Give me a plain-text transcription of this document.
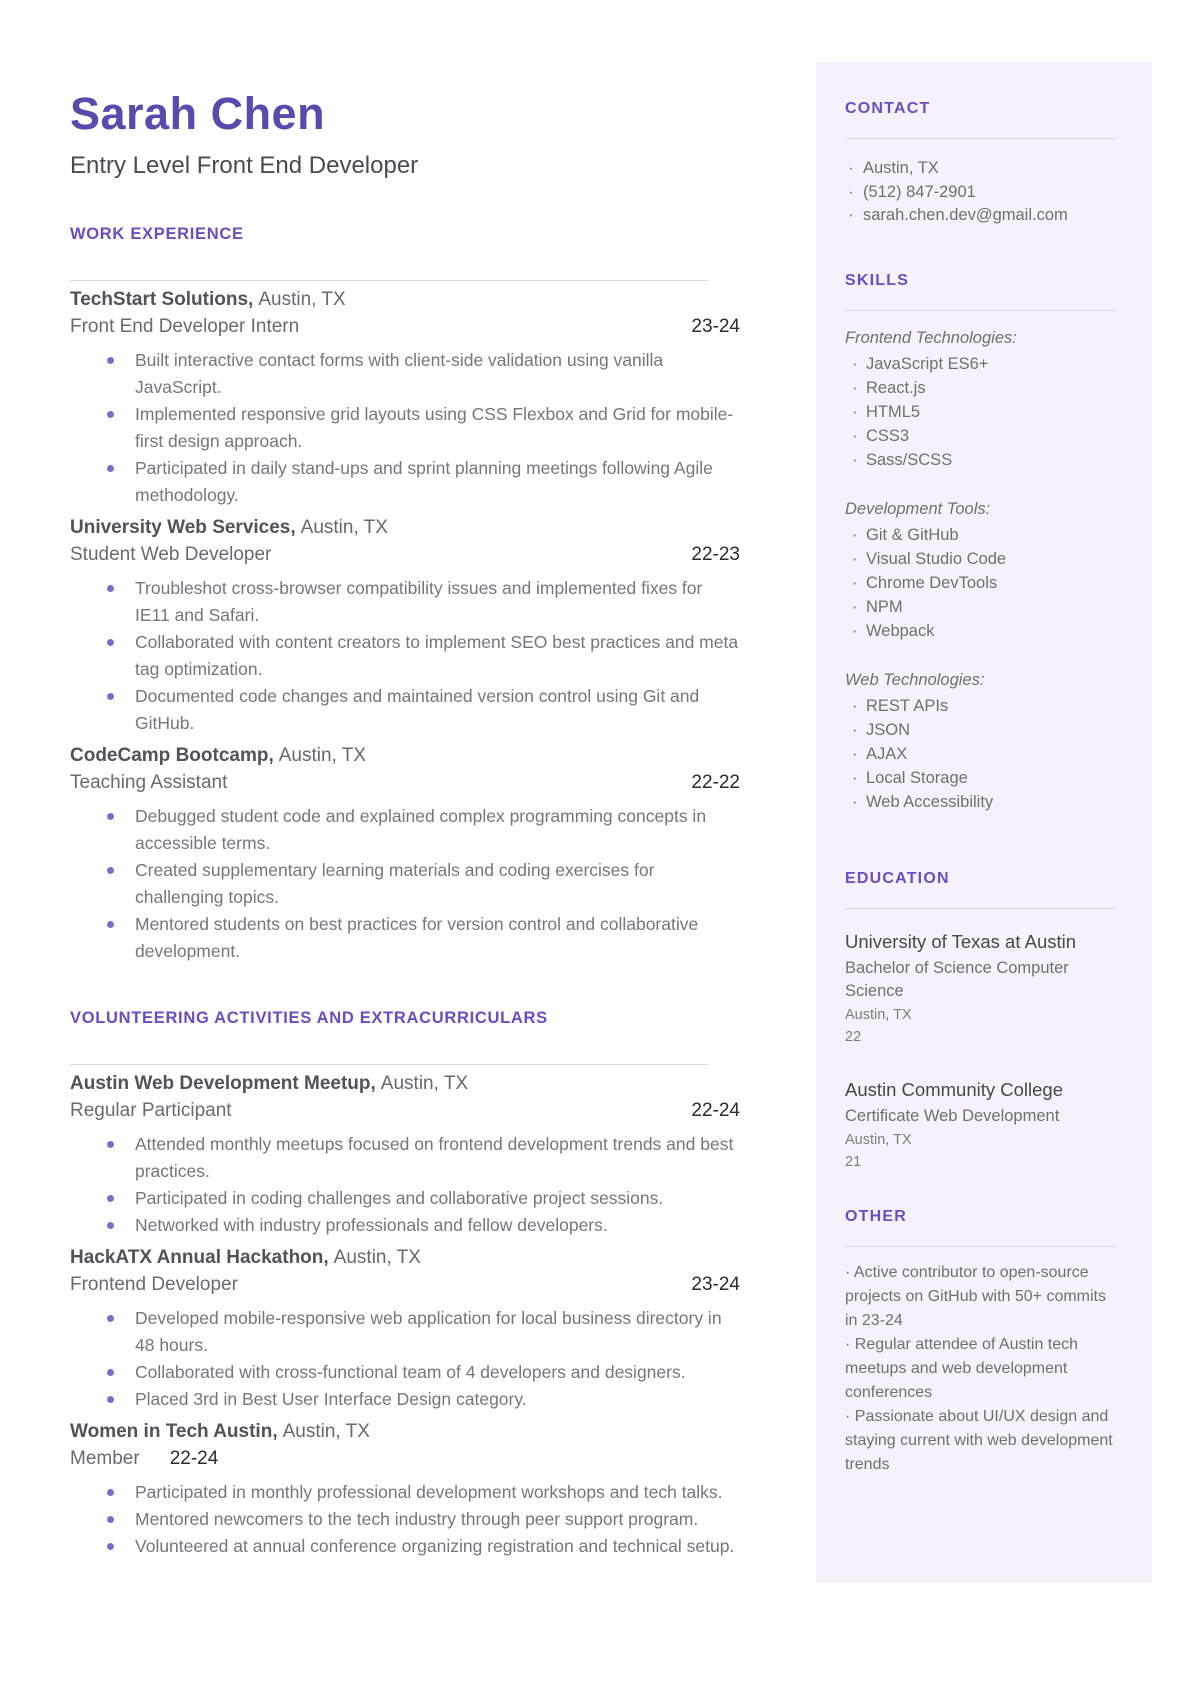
Sarah Chen
Entry Level Front End Developer
WORK EXPERIENCE
TechStart Solutions, Austin, TX
Front End Developer Intern	23-24
Built interactive contact forms with client-side validation using vanilla JavaScript.
Implemented responsive grid layouts using CSS Flexbox and Grid for mobile-first design approach.
Participated in daily stand-ups and sprint planning meetings following Agile methodology.
University Web Services, Austin, TX
Student Web Developer	22-23
Troubleshot cross-browser compatibility issues and implemented fixes for IE11 and Safari.
Collaborated with content creators to implement SEO best practices and meta tag optimization.
Documented code changes and maintained version control using Git and GitHub.
CodeCamp Bootcamp, Austin, TX
Teaching Assistant	22-22
Debugged student code and explained complex programming concepts in accessible terms.
Created supplementary learning materials and coding exercises for challenging topics.
Mentored students on best practices for version control and collaborative development.
VOLUNTEERING ACTIVITIES AND EXTRACURRICULARS
Austin Web Development Meetup, Austin, TX
Regular Participant	22-24
Attended monthly meetups focused on frontend development trends and best practices.
Participated in coding challenges and collaborative project sessions.
Networked with industry professionals and fellow developers.
HackATX Annual Hackathon, Austin, TX
Frontend Developer	23-24
Developed mobile-responsive web application for local business directory in 48 hours.
Collaborated with cross-functional team of 4 developers and designers.
Placed 3rd in Best User Interface Design category.
Women in Tech Austin, Austin, TX
Member 22-24
Participated in monthly professional development workshops and tech talks.
Mentored newcomers to the tech industry through peer support program.
Volunteered at annual conference organizing registration and technical setup.
CONTACT
· Austin, TX
· (512) 847-2901
· sarah.chen.dev@gmail.com
SKILLS
Frontend Technologies:
· JavaScript ES6+
· React.js
· HTML5
· CSS3
· Sass/SCSS
Development Tools:
· Git & GitHub
· Visual Studio Code
· Chrome DevTools
· NPM
· Webpack
Web Technologies:
· REST APIs
· JSON
· AJAX
· Local Storage
· Web Accessibility
EDUCATION
University of Texas at Austin
Bachelor of Science Computer Science
Austin, TX
22
Austin Community College
Certificate Web Development
Austin, TX
21
OTHER

· Active contributor to open-source projects on GitHub with 50+ commits in 23-24

· Regular attendee of Austin tech meetups and web development conferences

· Passionate about UI/UX design and staying current with web development trends
